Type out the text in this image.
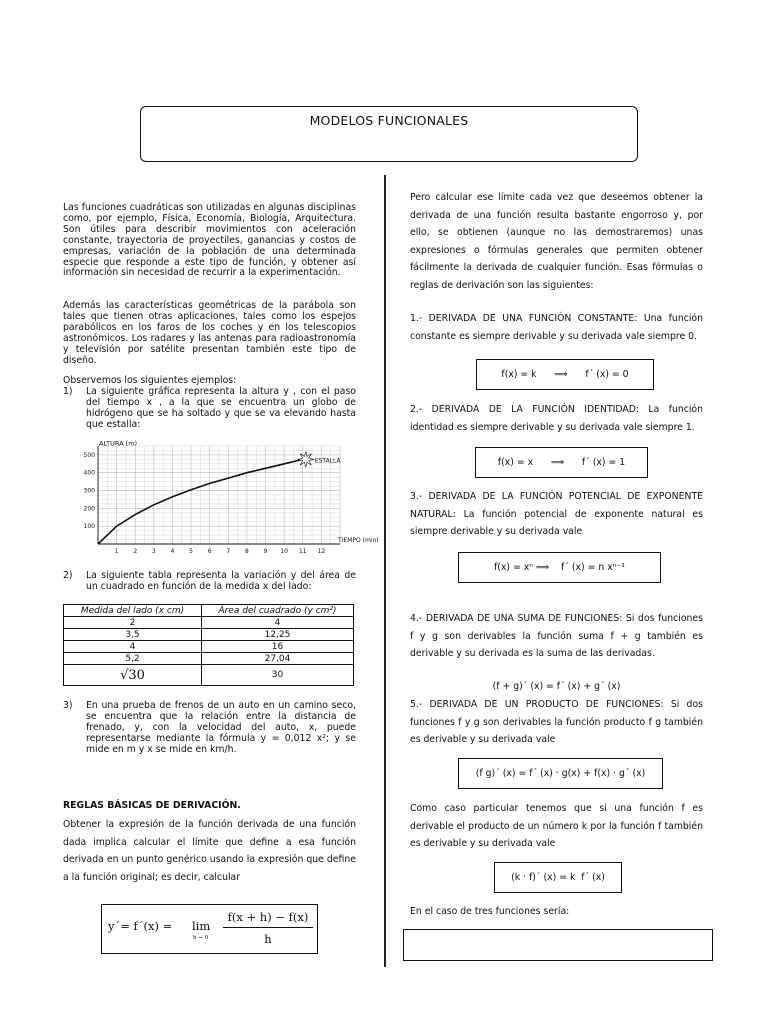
MODELOS FUNCIONALES
Las funciones cuadráticas son utilizadas en algunas disciplinas como, por ejemplo, Física, Economía, Biología, Arquitectura. Son útiles para describir movimientos con aceleración constante, trayectoria de proyectiles, ganancias y costos de empresas, variación de la población de una determinada especie que responde a este tipo de función, y obtener así información sin necesidad de recurrir a la experimentación.
Además las características geométricas de la parábola son tales que tienen otras aplicaciones, tales como los espejos parabólicos en los faros de los coches y en los telescopios astronómicos. Los radares y las antenas para radioastronomía y televisión por satélite presentan también este tipo de diseño.
Observemos los siguientes ejemplos:
1) La siguiente gráfica representa la altura y , con el paso del tiempo x , a la que se encuentra un globo de hidrógeno que se ha soltado y que se va elevando hasta que estalla:
1 2 3 4 5 6 7 8 9 10 11 12
100
200
300
400
500
ALTURA (m)
TIEMPO (min)
ESTALLA
2) La siguiente tabla representa la variación y del área de un cuadrado en función de la medida x del lado:
Medida del lado (x cm)	Área del cuadrado (y cm²)
2	4
3,5	12,25
4	16
5,2	27,04
√30	30
3) En una prueba de frenos de un auto en un camino seco, se encuentra que la relación entre la distancia de frenado, y, con la velocidad del auto, x, puede representarse mediante la fórmula y = 0,012 x²; y se mide en m y x se mide en km/h.
REGLAS BÁSICAS DE DERIVACIÓN.
Obtener la expresión de la función derivada de una función dada implica calcular el límite que define a esa función derivada en un punto genérico usando la expresión que define a la función original; es decir, calcular
y´= f´(x) = lim
h → 0
f(x + h) − f(x)
h
Pero calcular ese límite cada vez que deseemos obtener la derivada de una función resulta bastante engorroso y, por ello, se obtienen (aunque no las demostraremos) unas expresiones o fórmulas generales que permiten obtener fácilmente la derivada de cualquier función. Esas fórmulas o reglas de derivación son las siguientes:
1.- DERIVADA DE UNA FUNCIÓN CONSTANTE: Una función constante es siempre derivable y su derivada vale siempre 0.
f(x) = k      ⟹      f´ (x) = 0
2.- DERIVADA DE LA FUNCIÓN IDENTIDAD: La función identidad es siempre derivable y su derivada vale siempre 1.
f(x) = x      ⟹      f´ (x) = 1
3.- DERIVADA DE LA FUNCIÓN POTENCIAL DE EXPONENTE NATURAL: La función potencial de exponente natural es siempre derivable y su derivada vale
f(x) = xⁿ ⟹    f´ (x) = n xⁿ⁻¹
4.- DERIVADA DE UNA SUMA DE FUNCIONES: Si dos funciones f y g son derivables la función suma f + g también es derivable y su derivada es la suma de las derivadas.
(f + g)´ (x) = f´ (x) + g´ (x)
5.- DERIVADA DE UN PRODUCTO DE FUNCIONES: Si dos funciones f y g son derivables la función producto f g también es derivable y su derivada vale
(f g)´ (x) = f´ (x) · g(x) + f(x) · g´ (x)
Como caso particular tenemos que si una función f es derivable el producto de un número k por la función f también es derivable y su derivada vale
(k · f)´ (x) = k  f´ (x)
En el caso de tres funciones sería:
